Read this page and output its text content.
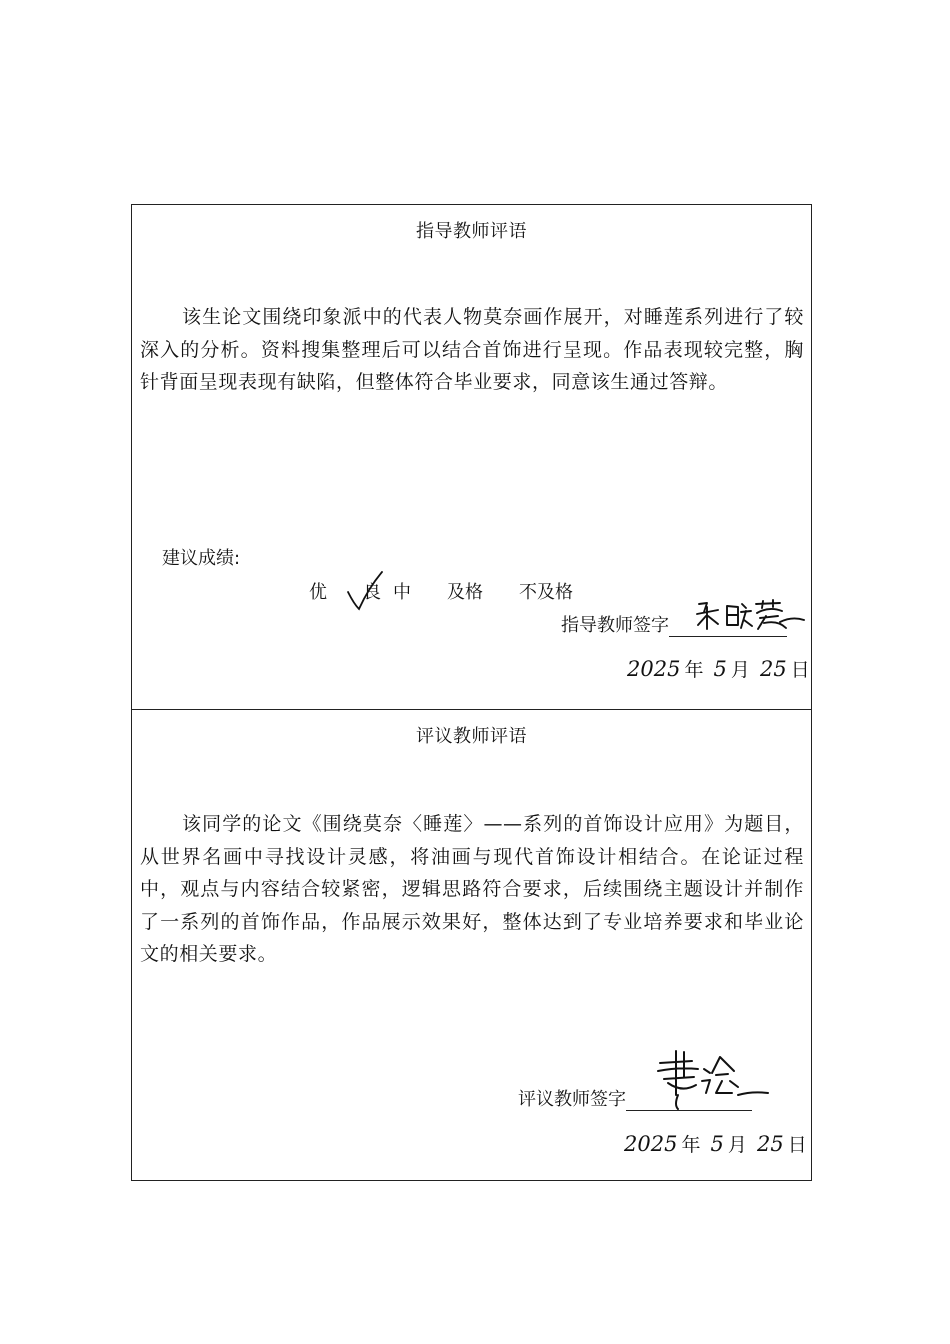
指导教师评语
该生论文围绕印象派中的代表人物莫奈画作展开，对睡莲系列进行了较深入的分析。资料搜集整理后可以结合首饰进行呈现。作品表现较完整，胸针背面呈现表现有缺陷，但整体符合毕业要求，同意该生通过答辩。
建议成绩:
优 良 中 及格 不及格
指导教师签字
2025 年 5 月 25 日
评议教师评语
该同学的论文《围绕莫奈〈睡莲〉——系列的首饰设计应用》为题目，从世界名画中寻找设计灵感，将油画与现代首饰设计相结合。在论证过程中，观点与内容结合较紧密，逻辑思路符合要求，后续围绕主题设计并制作了一系列的首饰作品，作品展示效果好，整体达到了专业培养要求和毕业论文的相关要求。
评议教师签字
2025 年 5 月 25 日
